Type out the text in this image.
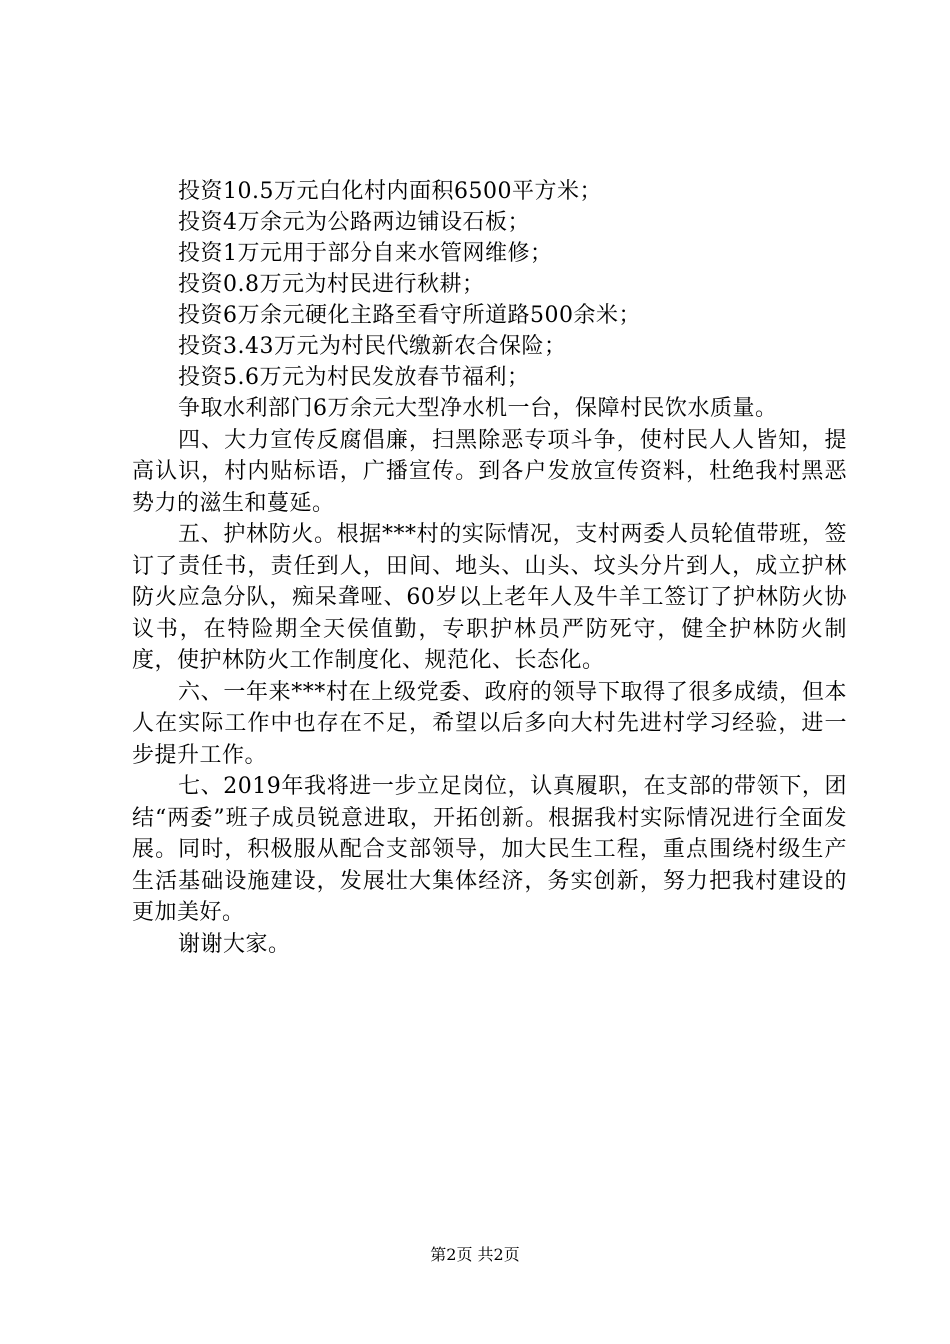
投资10.5万元白化村内面积6500平方米；
投资4万余元为公路两边铺设石板；
投资1万元用于部分自来水管网维修；
投资0.8万元为村民进行秋耕；
投资6万余元硬化主路至看守所道路500余米；
投资3.43万元为村民代缴新农合保险；
投资5.6万元为村民发放春节福利；

争取水利部门6万余元大型净水机一台，保障村民饮水质量。

四、大力宣传反腐倡廉，扫黑除恶专项斗争，使村民人人皆知，提高认识，村内贴标语，广播宣传。到各户发放宣传资料，杜绝我村黑恶势力的滋生和蔓延。

五、护林防火。根据***村的实际情况，支村两委人员轮值带班，签订了责任书，责任到人，田间、地头、山头、坟头分片到人，成立护林防火应急分队，痴呆聋哑、60岁以上老年人及牛羊工签订了护林防火协议书，在特险期全天侯值勤，专职护林员严防死守，健全护林防火制度，使护林防火工作制度化、规范化、长态化。

六、一年来***村在上级党委、政府的领导下取得了很多成绩，但本人在实际工作中也存在不足，希望以后多向大村先进村学习经验，进一步提升工作。

七、2019年我将进一步立足岗位，认真履职，在支部的带领下，团结“两委”班子成员锐意进取，开拓创新。根据我村实际情况进行全面发展。同时，积极服从配合支部领导，加大民生工程，重点围绕村级生产生活基础设施建设，发展壮大集体经济，务实创新，努力把我村建设的更加美好。

谢谢大家。

第2页 共2页
